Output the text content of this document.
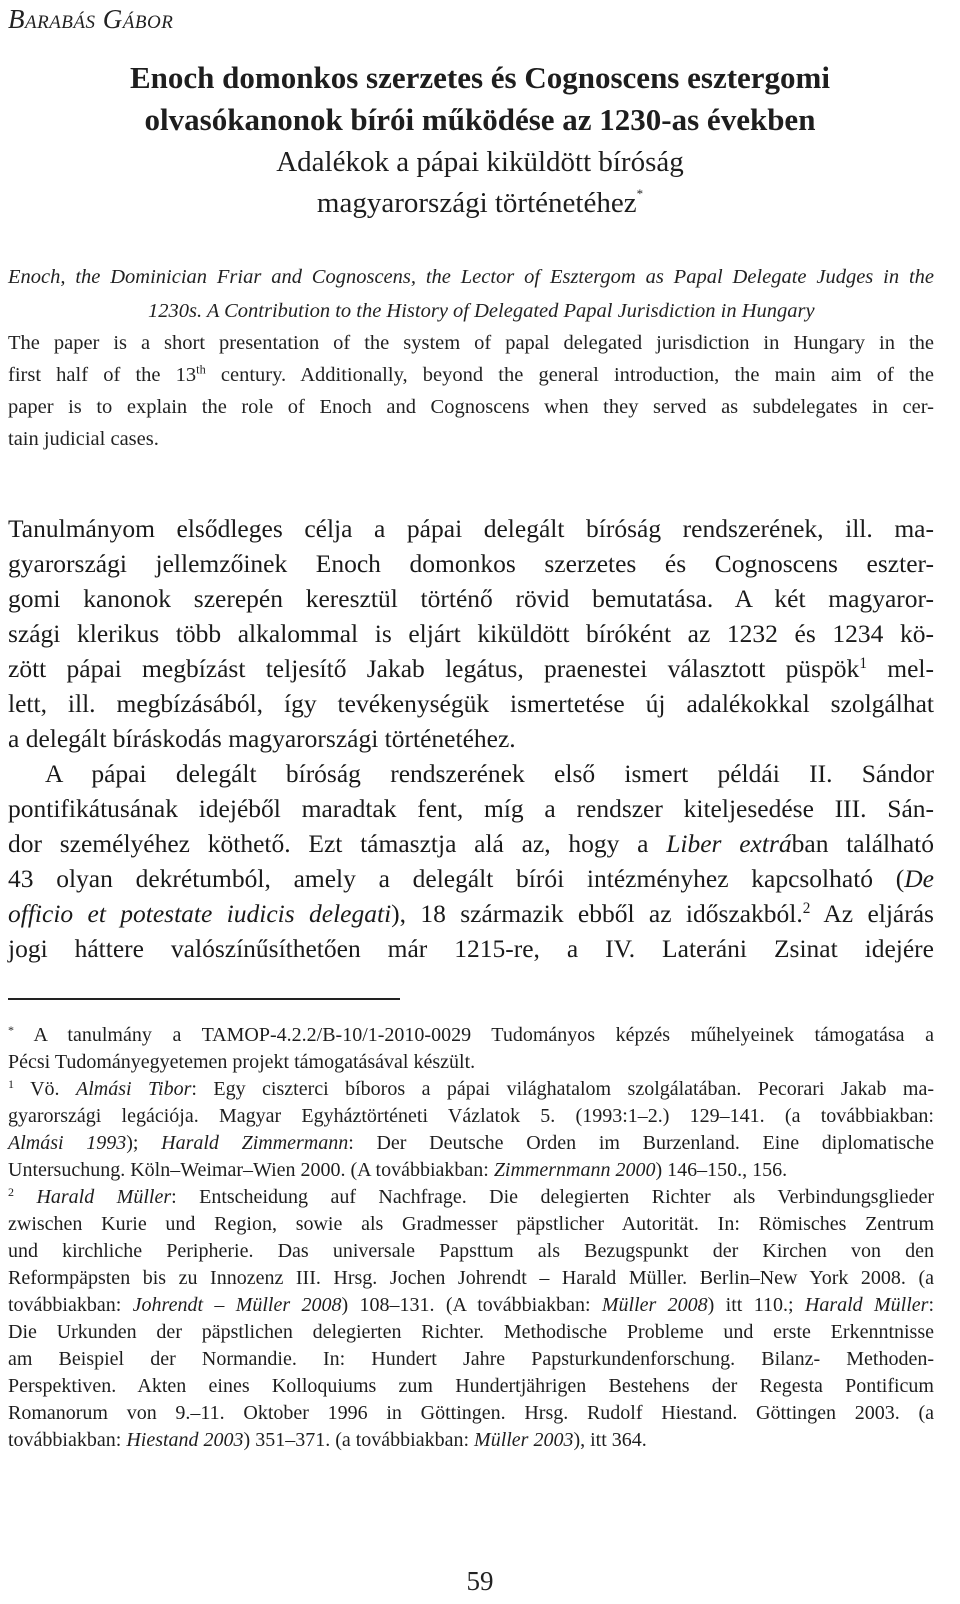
Barabás Gábor
Enoch domonkos szerzetes és Cognoscens esztergomi
olvasókanonok bírói működése az 1230-as években
Adalékok a pápai kiküldött bíróság
magyarországi történetéhez*
Enoch, the Dominician Friar and Cognoscens, the Lector of Esztergom as Papal Delegate Judges in the
1230s. A Contribution to the History of Delegated Papal Jurisdiction in Hungary
The paper is a short presentation of the system of papal delegated jurisdiction in Hungary in the
first half of the 13th century. Additionally, beyond the general introduction, the main aim of the
paper is to explain the role of Enoch and Cognoscens when they served as subdelegates in cer-
tain judicial cases.
Tanulmányom elsődleges célja a pápai delegált bíróság rendszerének, ill. ma-
gyarországi jellemzőinek Enoch domonkos szerzetes és Cognoscens eszter-
gomi kanonok szerepén keresztül történő rövid bemutatása. A két magyaror-
szági klerikus több alkalommal is eljárt kiküldött bíróként az 1232 és 1234 kö-
zött pápai megbízást teljesítő Jakab legátus, praenestei választott püspök$^1$ mel-
lett, ill. megbízásából, így tevékenységük ismertetése új adalékokkal szolgálhat
a delegált bíráskodás magyarországi történetéhez.
A pápai delegált bíróság rendszerének első ismert példái II. Sándor
pontifikátusának idejéből maradtak fent, míg a rendszer kiteljesedése III. Sán-
dor személyéhez köthető. Ezt támasztja alá az, hogy a Liber extrában található
43 olyan dekrétumból, amely a delegált bírói intézményhez kapcsolható (De
officio et potestate iudicis delegati), 18 származik ebből az időszakból.$^2$ Az eljárás
jogi háttere valószínűsíthetően már 1215-re, a IV. Lateráni Zsinat idejére
* A tanulmány a TAMOP-4.2.2/B-10/1-2010-0029 Tudományos képzés műhelyeinek támogatása a
Pécsi Tudományegyetemen projekt támogatásával készült.
$^1$ Vö. Almási Tibor: Egy ciszterci bíboros a pápai világhatalom szolgálatában. Pecorari Jakab ma-
gyarországi legációja. Magyar Egyháztörténeti Vázlatok 5. (1993:1–2.) 129–141. (a továbbiakban:
Almási 1993); Harald Zimmermann: Der Deutsche Orden im Burzenland. Eine diplomatische
Untersuchung. Köln–Weimar–Wien 2000. (A továbbiakban: Zimmernmann 2000) 146–150., 156.
$^2$ Harald Müller: Entscheidung auf Nachfrage. Die delegierten Richter als Verbindungsglieder
zwischen Kurie und Region, sowie als Gradmesser päpstlicher Autorität. In: Römisches Zentrum
und kirchliche Peripherie. Das universale Papsttum als Bezugspunkt der Kirchen von den
Reformpäpsten bis zu Innozenz III. Hrsg. Jochen Johrendt – Harald Müller. Berlin–New York 2008. (a
továbbiakban: Johrendt – Müller 2008) 108–131. (A továbbiakban: Müller 2008) itt 110.; Harald Müller:
Die Urkunden der päpstlichen delegierten Richter. Methodische Probleme und erste Erkenntnisse
am Beispiel der Normandie. In: Hundert Jahre Papsturkundenforschung. Bilanz- Methoden-
Perspektiven. Akten eines Kolloquiums zum Hundertjährigen Bestehens der Regesta Pontificum
Romanorum von 9.–11. Oktober 1996 in Göttingen. Hrsg. Rudolf Hiestand. Göttingen 2003. (a
továbbiakban: Hiestand 2003) 351–371. (a továbbiakban: Müller 2003), itt 364.
59
